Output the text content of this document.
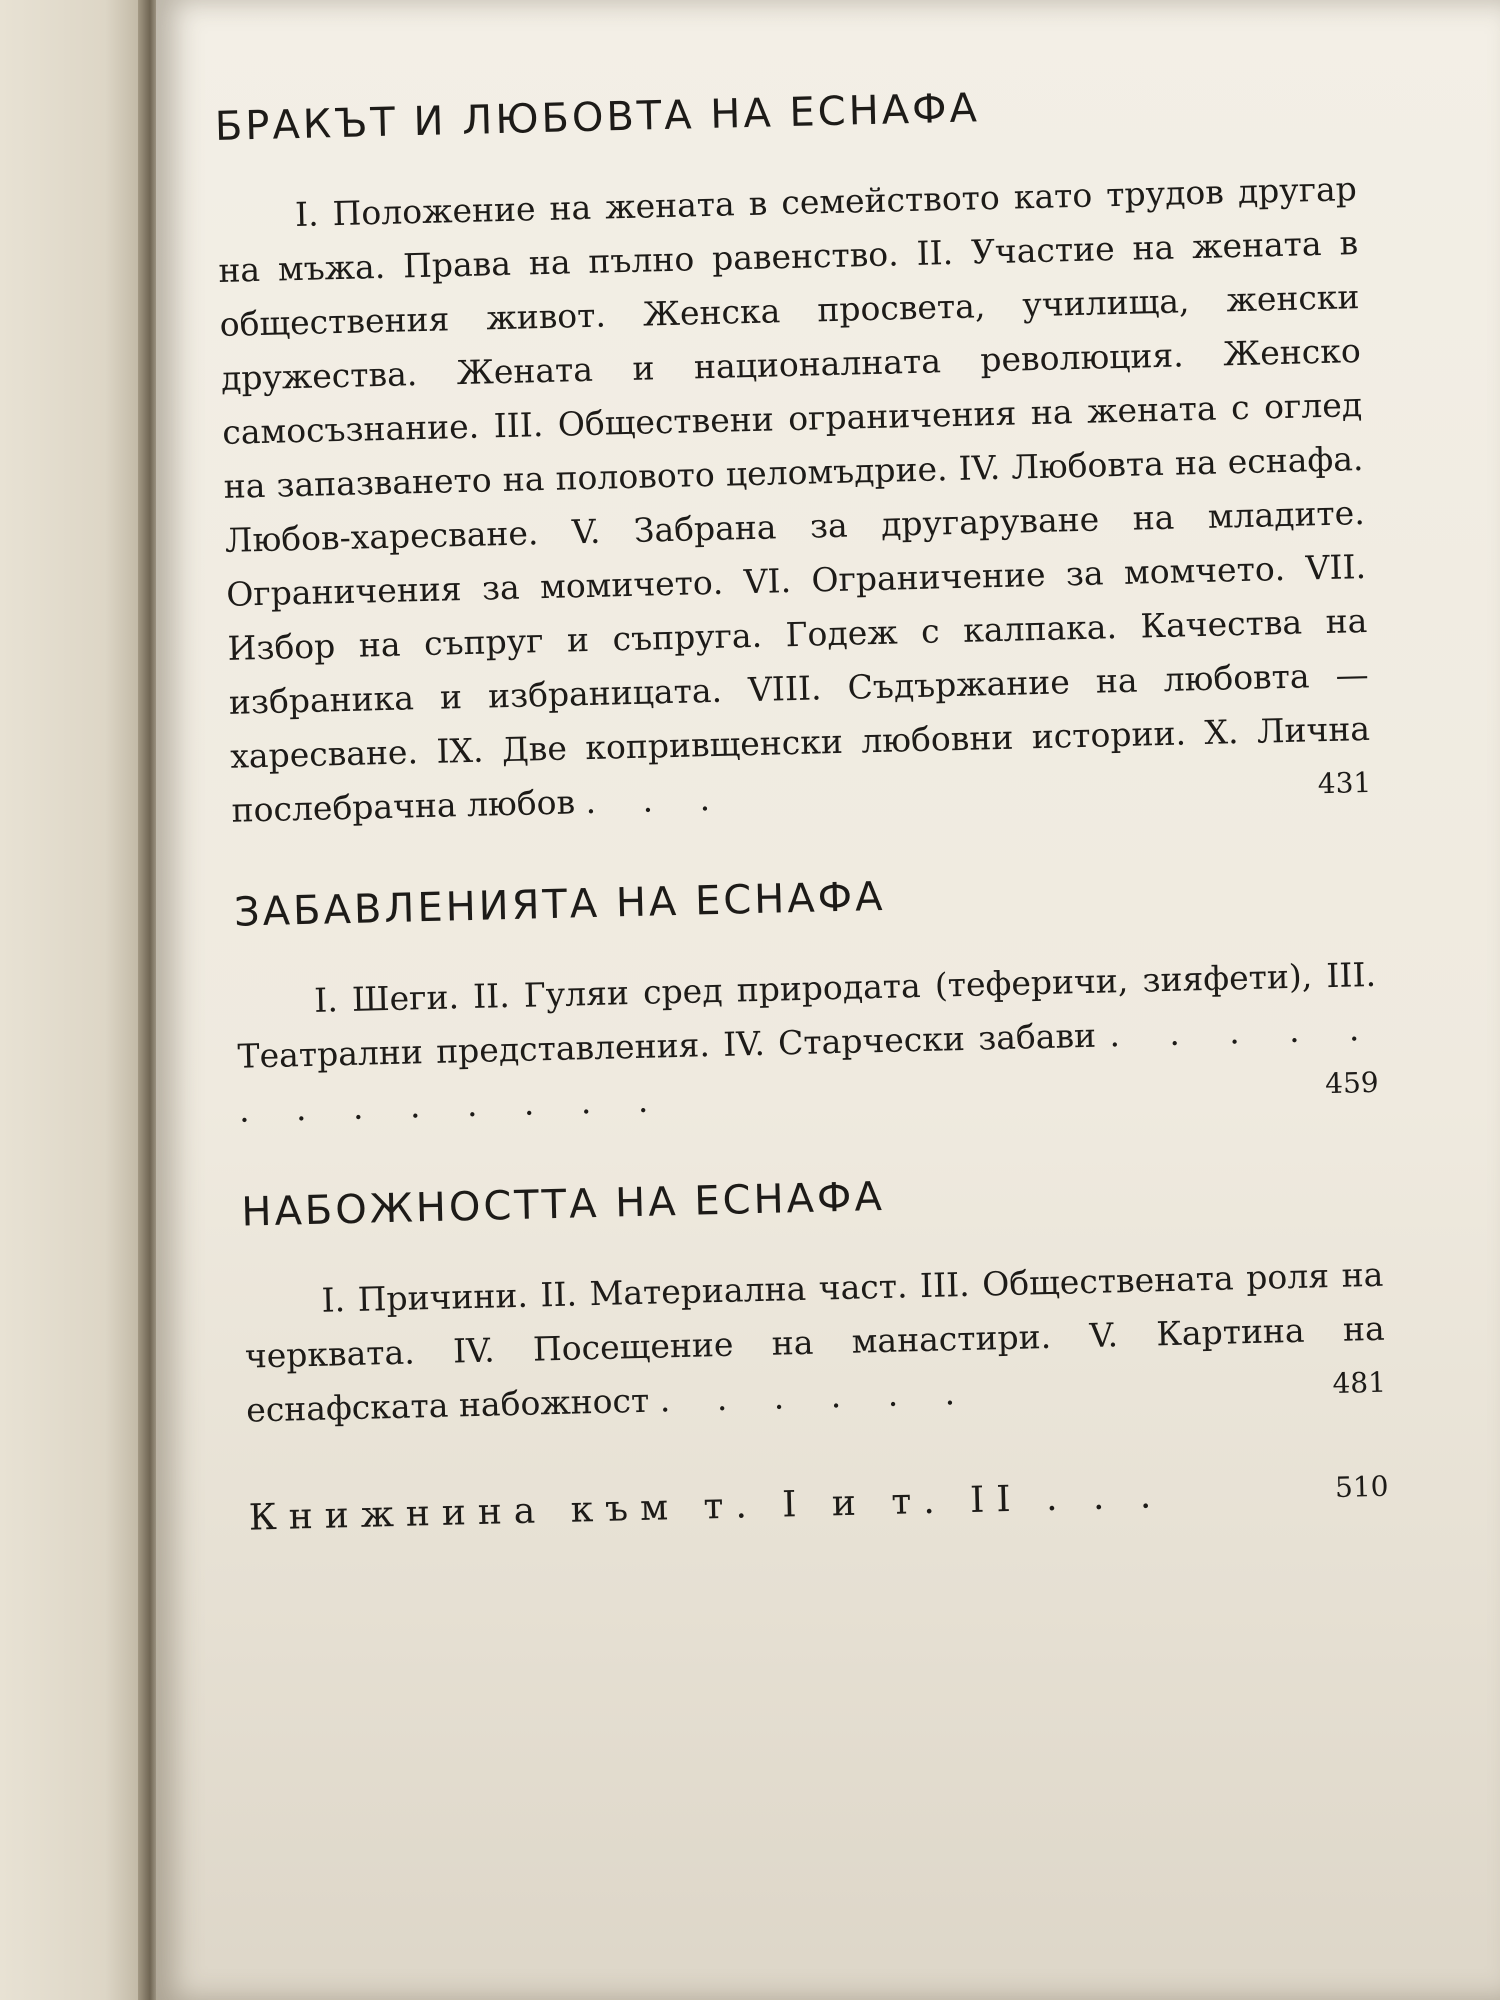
БРАКЪТ И ЛЮБОВТА НА ЕСНАФА

I. Положение на жената в семейството като трудов другар на мъжа. Права на пълно равенство. II. Участие на жената в обществения живот. Женска просвета, училища, женски дружества. Жената и националната революция. Женско самосъзнание. III. Обществени ограничения на жената с оглед на запазването на половото целомъдрие. IV. Любовта на еснафа. Любов-харесване. V. Забрана за другаруване на младите. Ограничения за момичето. VI. Ограничение за момчето. VII. Избор на съпруг и съпруга. Годеж с калпака. Качества на избраника и избраницата. VIII. Съдържание на любовта — харесване. IX. Две копривщенски любовни истории. X. Лична послебрачна любов . . .	431

ЗАБАВЛЕНИЯТА НА ЕСНАФА

I. Шеги. II. Гуляи сред природата (теферичи, зияфети), III. Театрални представления. IV. Старчески забави . . . . . . . . . . . . .	459

НАБОЖНОСТТА НА ЕСНАФА

I. Причини. II. Материална част. III. Обществената роля на черквата. IV. Посещение на манастири. V. Картина на еснафската набожност . . . . . .	481

Книжнина към т. I и т. II . . .	510
